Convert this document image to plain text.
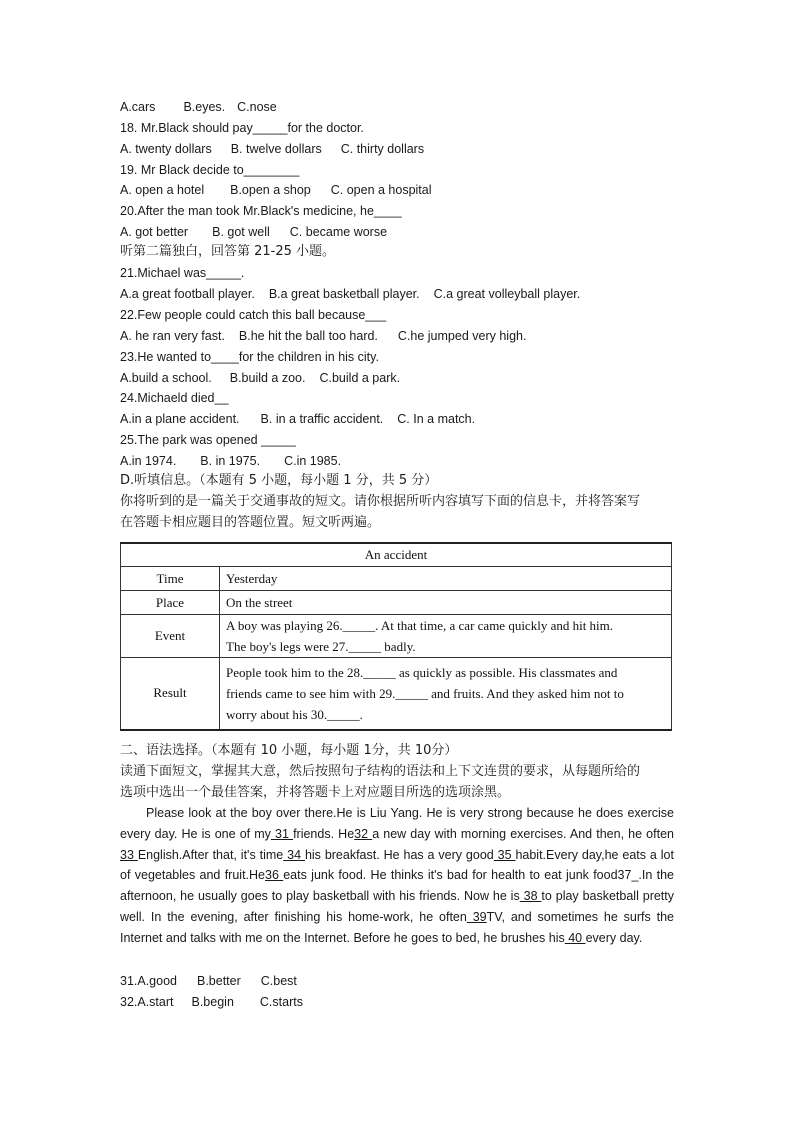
A.cars B.eyes. C.nose
18. Mr.Black should pay_____for the doctor.
A. twenty dollars B. twelve dollars C. thirty dollars
19. Mr Black decide to________
A. open a hotel B.open a shop C. open a hospital
20.After the man took Mr.Black's medicine, he____
A. got better B. got well C. became worse
听第二篇独白，回答第 21-25 小题。
21.Michael was_____.
A.a great football player. B.a great basketball player. C.a great volleyball player.
22.Few people could catch this ball because___
A. he ran very fast. B.he hit the ball too hard. C.he jumped very high.
23.He wanted to____for the children in his city.
A.build a school. B.build a zoo. C.build a park.
24.Michaeld died__
A.in a plane accident. B. in a traffic accident. C. In a match.
25.The park was opened _____
A.in 1974. B. in 1975. C.in 1985.
D.听填信息。（本题有 5 小题，每小题 1 分，共 5 分）
你将听到的是一篇关于交通事故的短文。请你根据所听内容填写下面的信息卡，并将答案写
在答题卡相应题目的答题位置。短文听两遍。
An accident	
Time	Yesterday

Place	On the street

Event	A boy was playing 26._____. At that time, a car came quickly and hit him.
The boy's legs were 27._____ badly.

Result	People took him to the 28._____ as quickly as possible. His classmates and
friends came to see him with 29._____ and fruits. And they asked him not to
worry about his 30._____.
二、语法选择。（本题有 10 小题，每小题 1分，共 10分）
读通下面短文，掌握其大意，然后按照句子结构的语法和上下文连贯的要求，从每题所给的
选项中选出一个最佳答案，并将答题卡上对应题目所选的选项涂黑。
Please look at the boy over there.He is Liu Yang. He is very strong because he does exercise every day. He is one of my 31 friends. He32 a new day with morning exercises. And then, he often 33 English.After that, it's time 34 his breakfast. He has a very good 35 habit.Every day,he eats a lot of vegetables and fruit.He36 eats junk food. He thinks it's bad for health to eat junk food37_.In the afternoon, he usually goes to play basketball with his friends. Now he is 38 to play basketball pretty well. In the evening, after finishing his home-work, he often 39TV, and sometimes he surfs the Internet and talks with me on the Internet. Before he goes to bed, he brushes his 40 every day.
31.A.good B.better C.best
32.A.start B.begin C.starts
